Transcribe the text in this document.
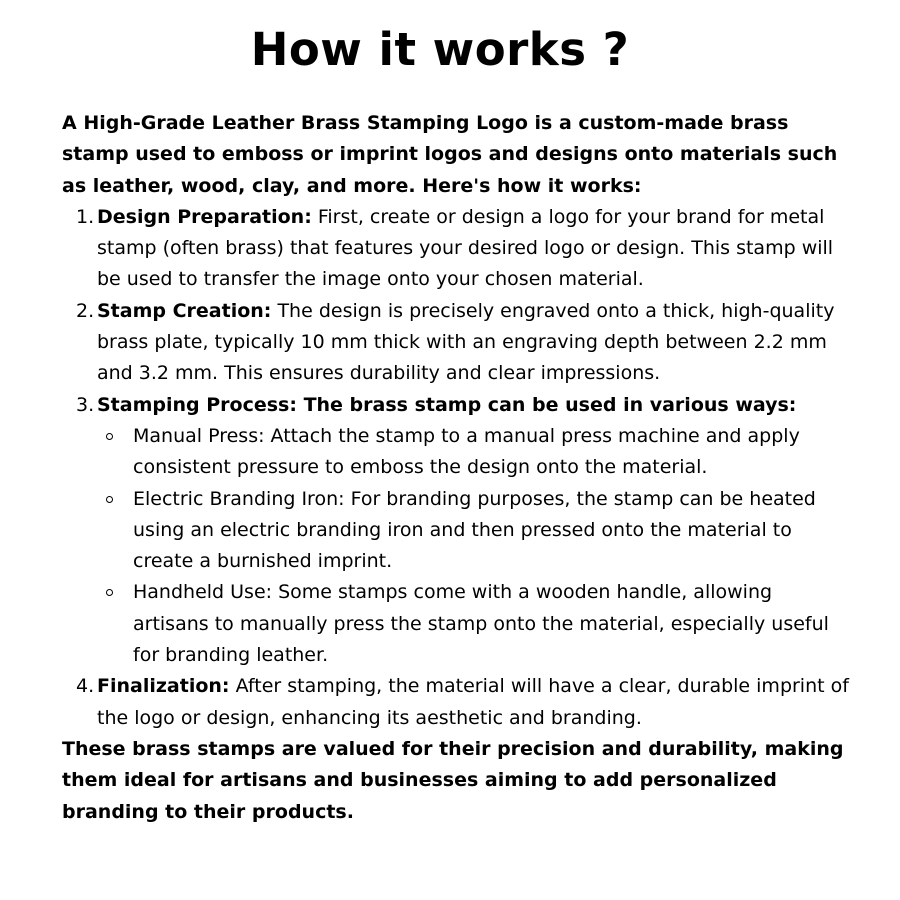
How it works ?

A High-Grade Leather Brass Stamping Logo is a custom-made brass stamp used to emboss or imprint logos and designs onto materials such as leather, wood, clay, and more. Here's how it works:

1. Design Preparation: First, create or design a logo for your brand for metal stamp (often brass) that features your desired logo or design. This stamp will be used to transfer the image onto your chosen material.
2. Stamp Creation: The design is precisely engraved onto a thick, high-quality brass plate, typically 10 mm thick with an engraving depth between 2.2 mm and 3.2 mm. This ensures durability and clear impressions.
3. Stamping Process: The brass stamp can be used in various ways:
Manual Press: Attach the stamp to a manual press machine and apply consistent pressure to emboss the design onto the material.
Electric Branding Iron: For branding purposes, the stamp can be heated using an electric branding iron and then pressed onto the material to create a burnished imprint.
Handheld Use: Some stamps come with a wooden handle, allowing artisans to manually press the stamp onto the material, especially useful for branding leather.
4. Finalization: After stamping, the material will have a clear, durable imprint of the logo or design, enhancing its aesthetic and branding.

These brass stamps are valued for their precision and durability, making them ideal for artisans and businesses aiming to add personalized branding to their products.
